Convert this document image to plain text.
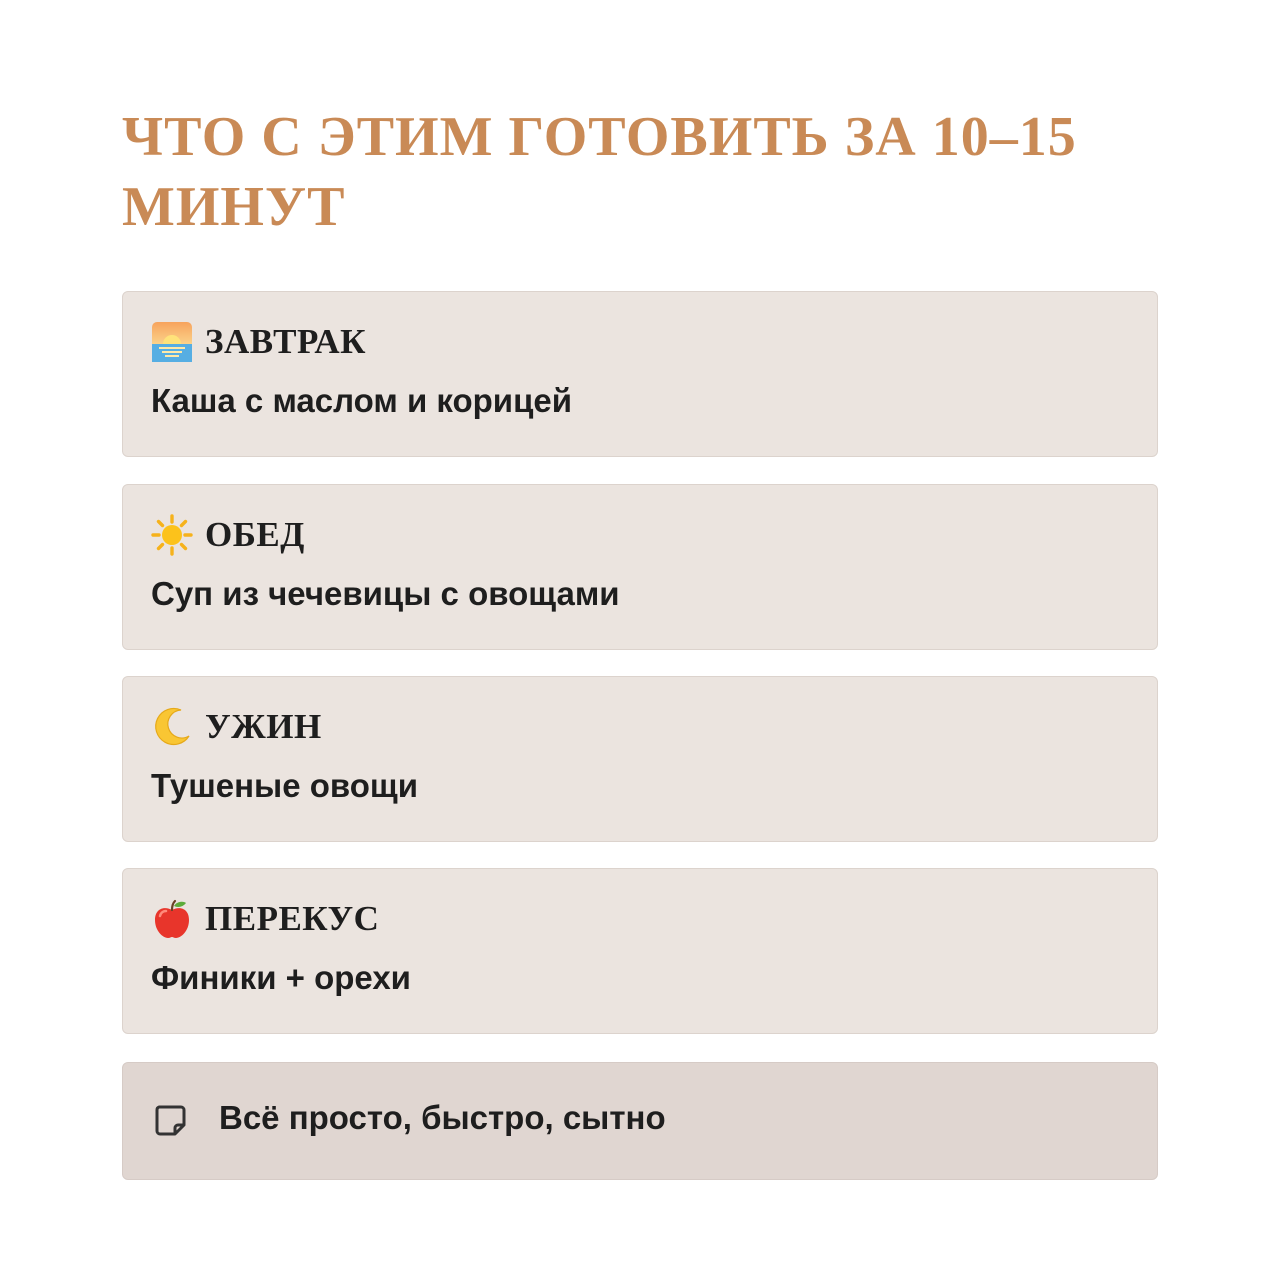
ЧТО С ЭТИМ ГОТОВИТЬ ЗА 10–15 МИНУТ
ЗАВТРАК
Каша с маслом и корицей
ОБЕД
Суп из чечевицы с овощами
УЖИН
Тушеные овощи
ПЕРЕКУС
Финики + орехи
Всё просто, быстро, сытно
